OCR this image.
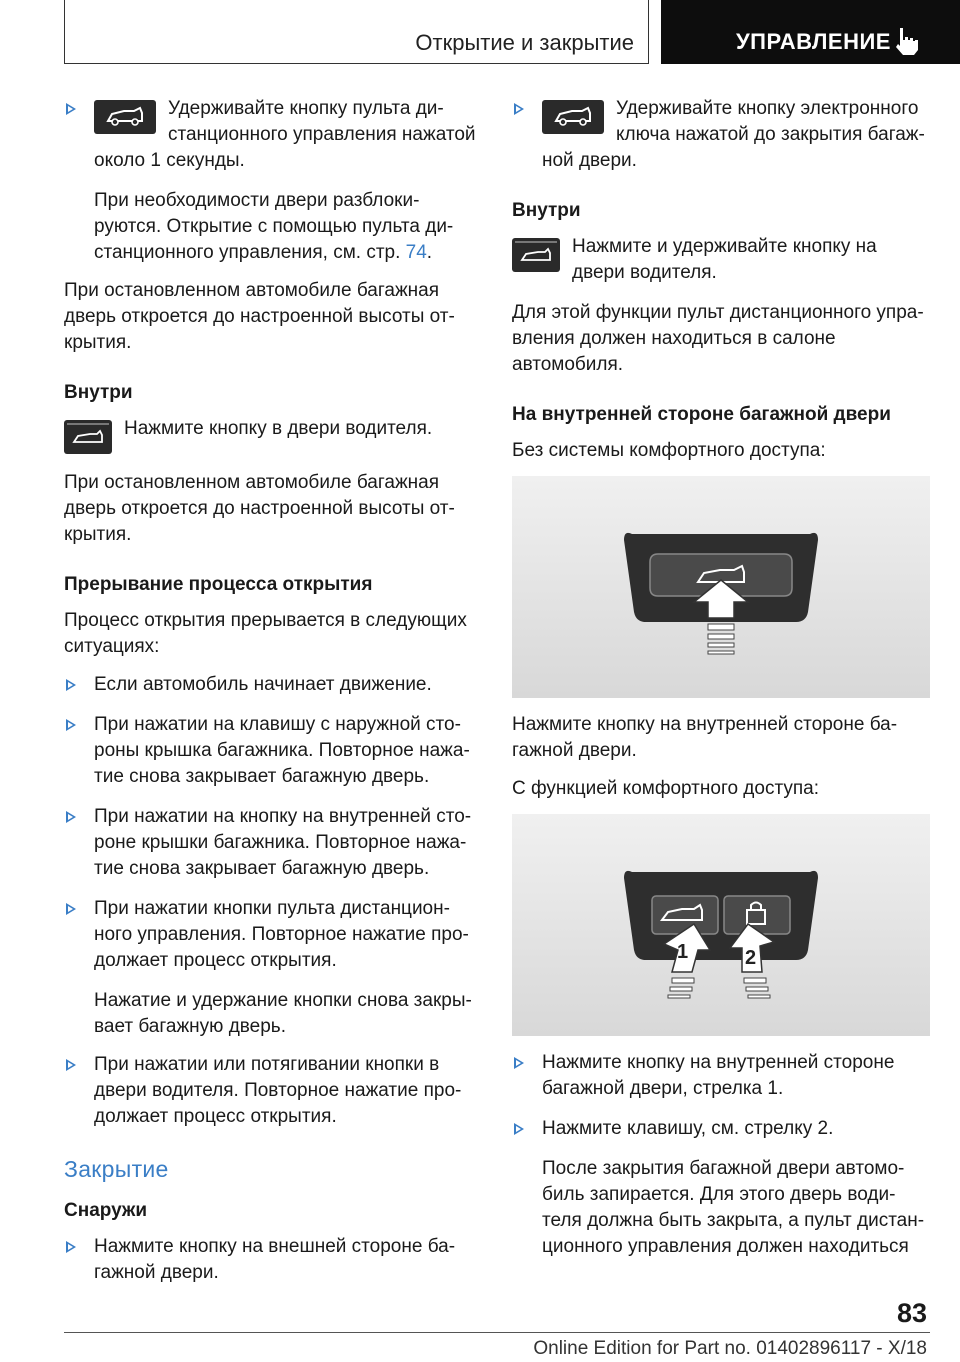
Открытие и закрытие	УПРАВЛЕНИЕ
Удерживайте кнопку пульта ди-станционного управления нажатой около 1 секунды.

При необходимости двери разблоки-руются. Открытие с помощью пульта ди-станционного управления, см. стр. 74.

При остановленном автомобиле багажная дверь откроется до настроенной высоты от-крытия.

Внутри
Нажмите кнопку в двери водителя.

При остановленном автомобиле багажная дверь откроется до настроенной высоты от-крытия.

Прерывание процесса открытия

Процесс открытия прерывается в следующих ситуациях:

Если автомобиль начинает движение.
При нажатии на клавишу с наружной сто-роны крышка багажника. Повторное нажа-тие снова закрывает багажную дверь.
При нажатии на кнопку на внутренней сто-роне крышки багажника. Повторное нажа-тие снова закрывает багажную дверь.
При нажатии кнопки пульта дистанцион-ного управления. Повторное нажатие про-должает процесс открытия.

Нажатие и удержание кнопки снова закры-вает багажную дверь.

При нажатии или потягивании кнопки в двери водителя. Повторное нажатие про-должает процесс открытия.
Закрытие
Снаружи
Нажмите кнопку на внешней стороне ба-гажной двери.
Удерживайте кнопку электронного ключа нажатой до закрытия багаж-ной двери.
Внутри
Нажмите и удерживайте кнопку на двери водителя.

Для этой функции пульт дистанционного упра-вления должен находиться в салоне автомобиля.

На внутренней стороне багажной двери

Без системы комфортного доступа:

Нажмите кнопку на внутренней стороне ба-гажной двери.

С функцией комфортного доступа:

1	2
Нажмите кнопку на внутренней стороне багажной двери, стрелка 1.
Нажмите клавишу, см. стрелку 2.

После закрытия багажной двери автомо-биль запирается. Для этого дверь води-теля должна быть закрыта, а пульт дистан-ционного управления должен находиться

83
Online Edition for Part no. 01402896117 - X/18
